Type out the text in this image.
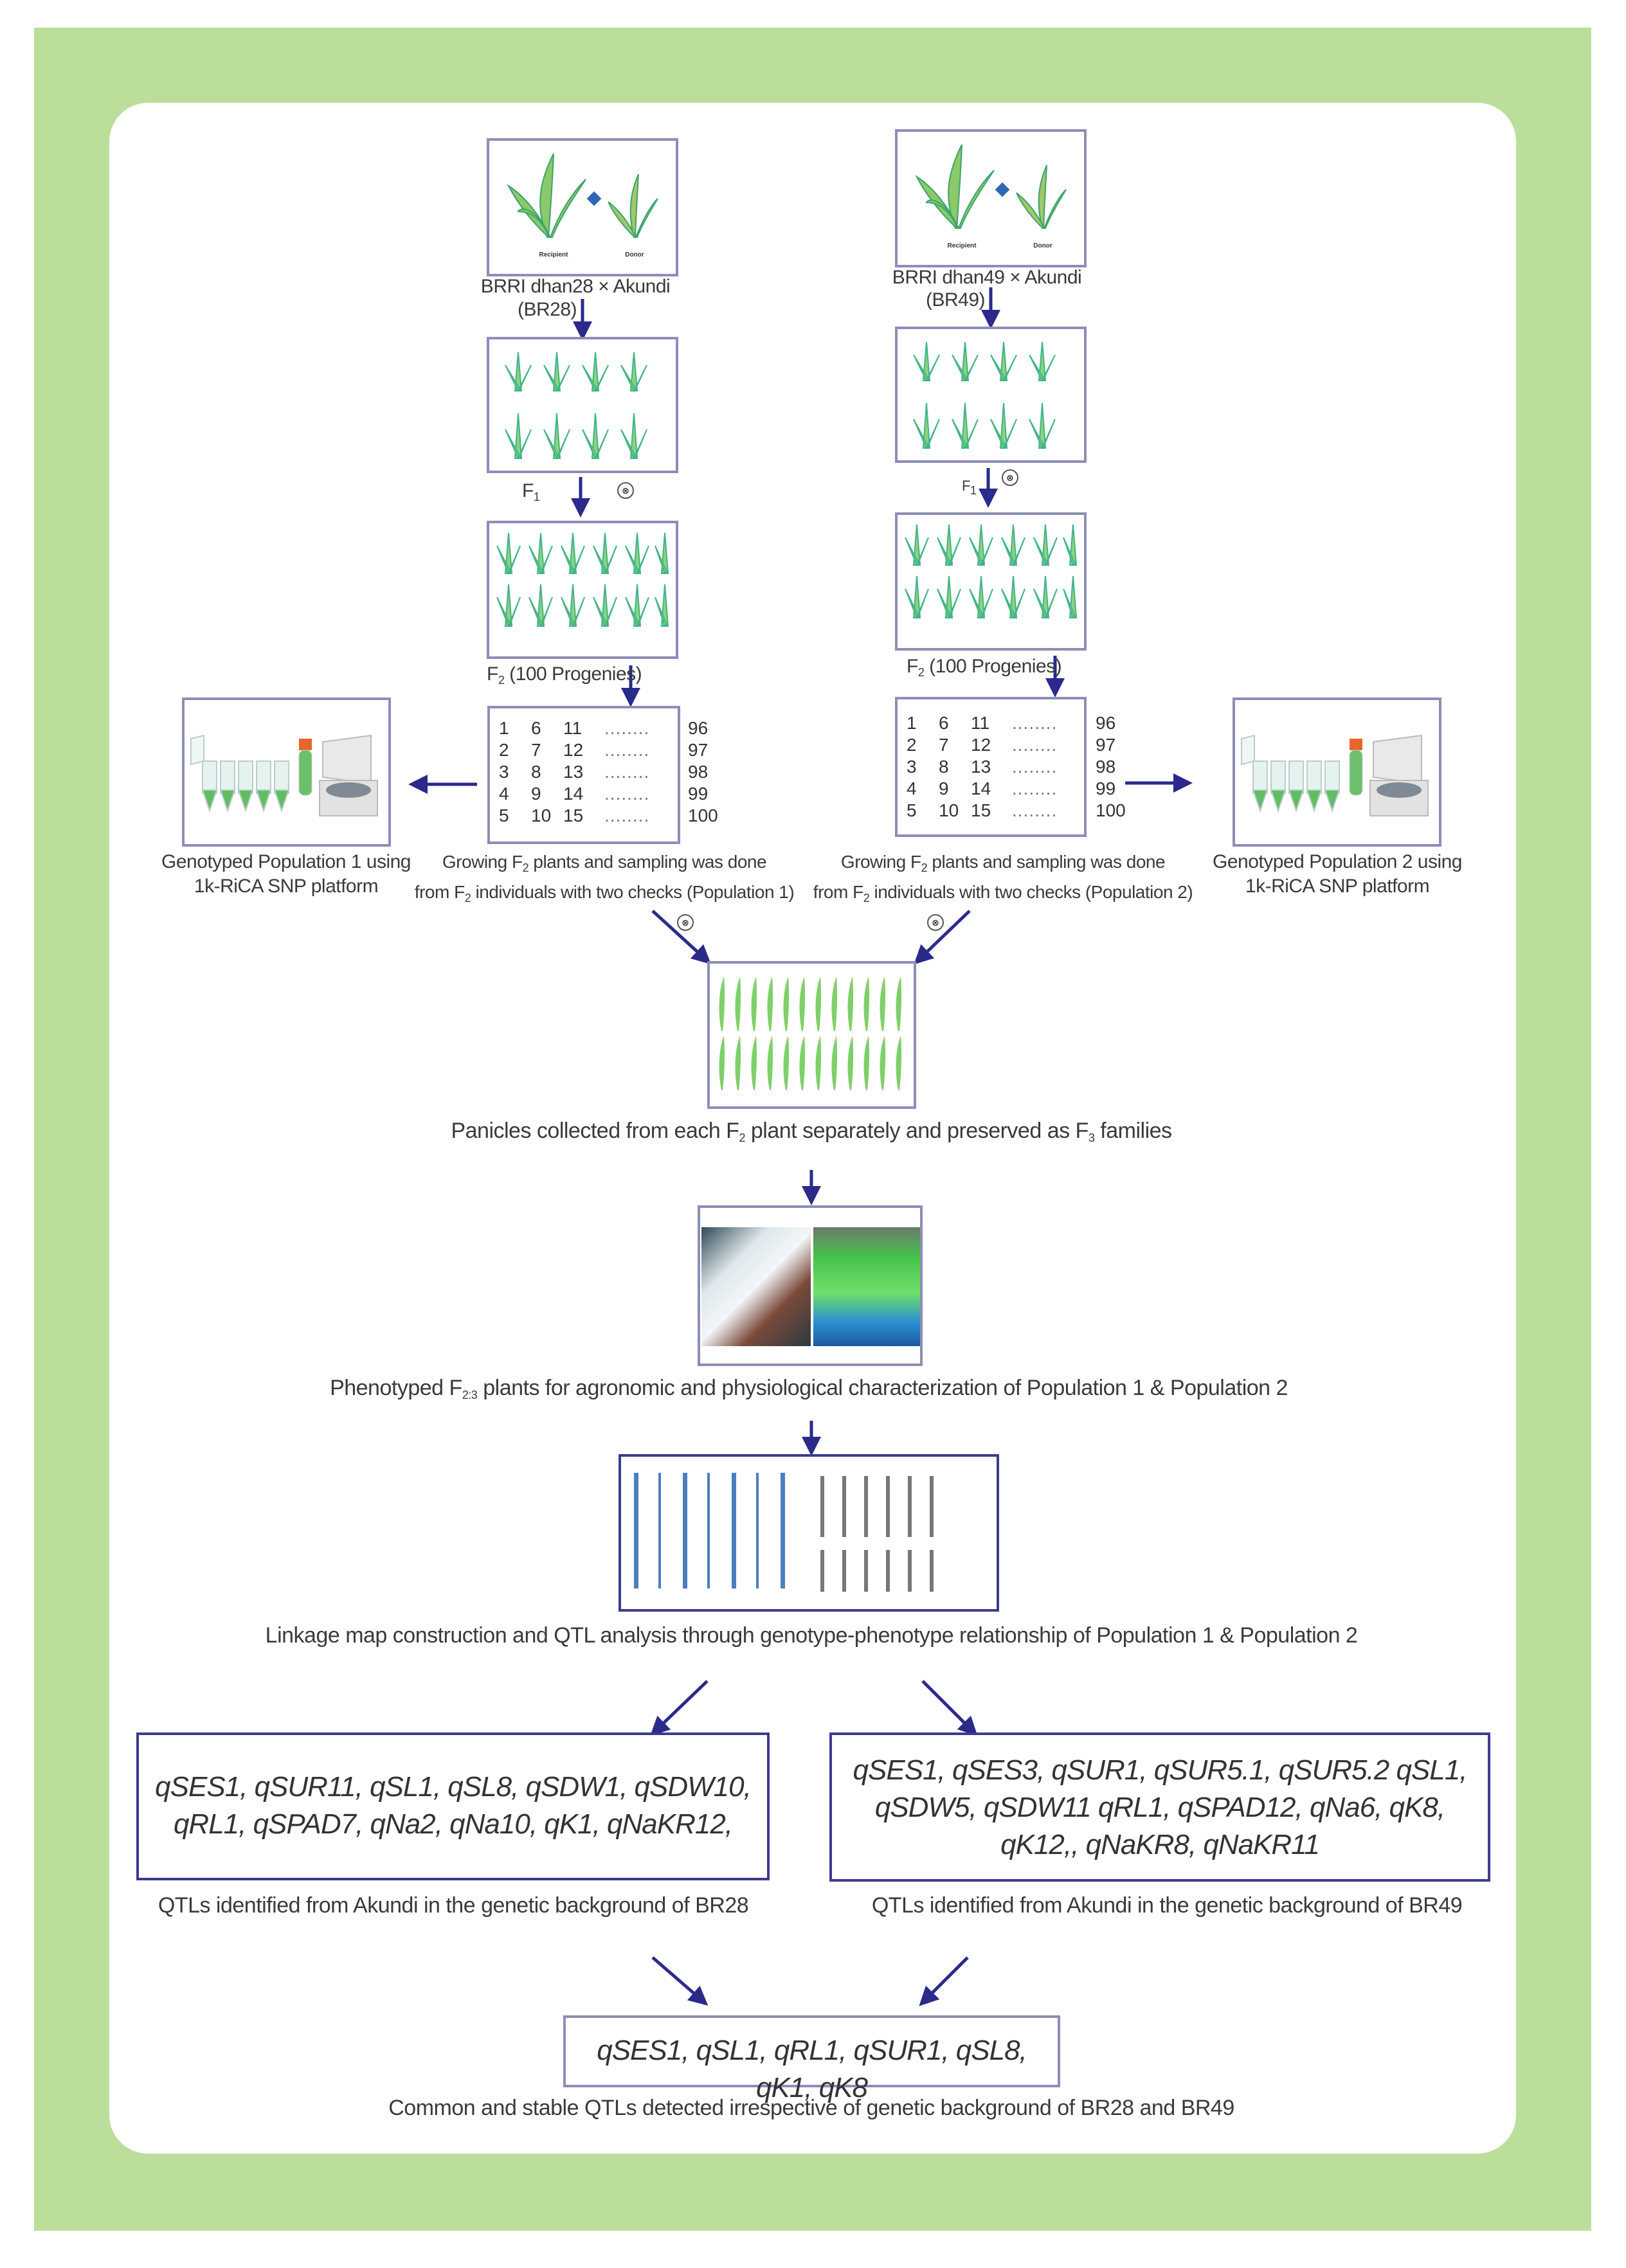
Recipient	Donor
BRRI dhan28 × Akundi
(BR28)
$F_1$	⊗
$F_2$ (100 Progenies)
1	6	11	........	96
2	7	12	........	97
3	8	13	........	98
4	9	14	........	99
5	10 15	........	100
Growing $F_2$ plants and sampling was done
from $F_2$ individuals with two checks (Population 1)
⊗
Recipient	Donor
BRRI dhan49 × Akundi
(BR49)
$F_1$
⊗
$F_2$ (100 Progenies)
1	6	11	........	96
2	7	12	........	97
3	8	13	........	98
4	9	14	........	99
5	10 15	........	100
Growing $F_2$ plants and sampling was done
from $F_2$ individuals with two checks (Population 2)
⊗
Genotyped Population 1 using
1k-RiCA SNP platform
Genotyped Population 2 using
1k-RiCA SNP platform
Panicles collected from each $F_2$ plant separately and preserved as $F_3$ families
Phenotyped $F_{2:3}$ plants for agronomic and physiological characterization of Population 1 & Population 2
Linkage map construction and QTL analysis through genotype-phenotype relationship of Population 1 & Population 2
qSES1, qSUR11, qSL1, qSL8, qSDW1, qSDW10,
qRL1, qSPAD7, qNa2, qNa10, qK1, qNaKR12,
QTLs identified from Akundi in the genetic background of BR28
qSES1, qSES3, qSUR1, qSUR5.1, qSUR5.2 qSL1,
qSDW5, qSDW11 qRL1, qSPAD12, qNa6, qK8,
qK12,, qNaKR8, qNaKR11
QTLs identified from Akundi in the genetic background of BR49
qSES1, qSL1, qRL1, qSUR1, qSL8, qK1, qK8
Common and stable QTLs detected irrespective of genetic background of BR28 and BR49
